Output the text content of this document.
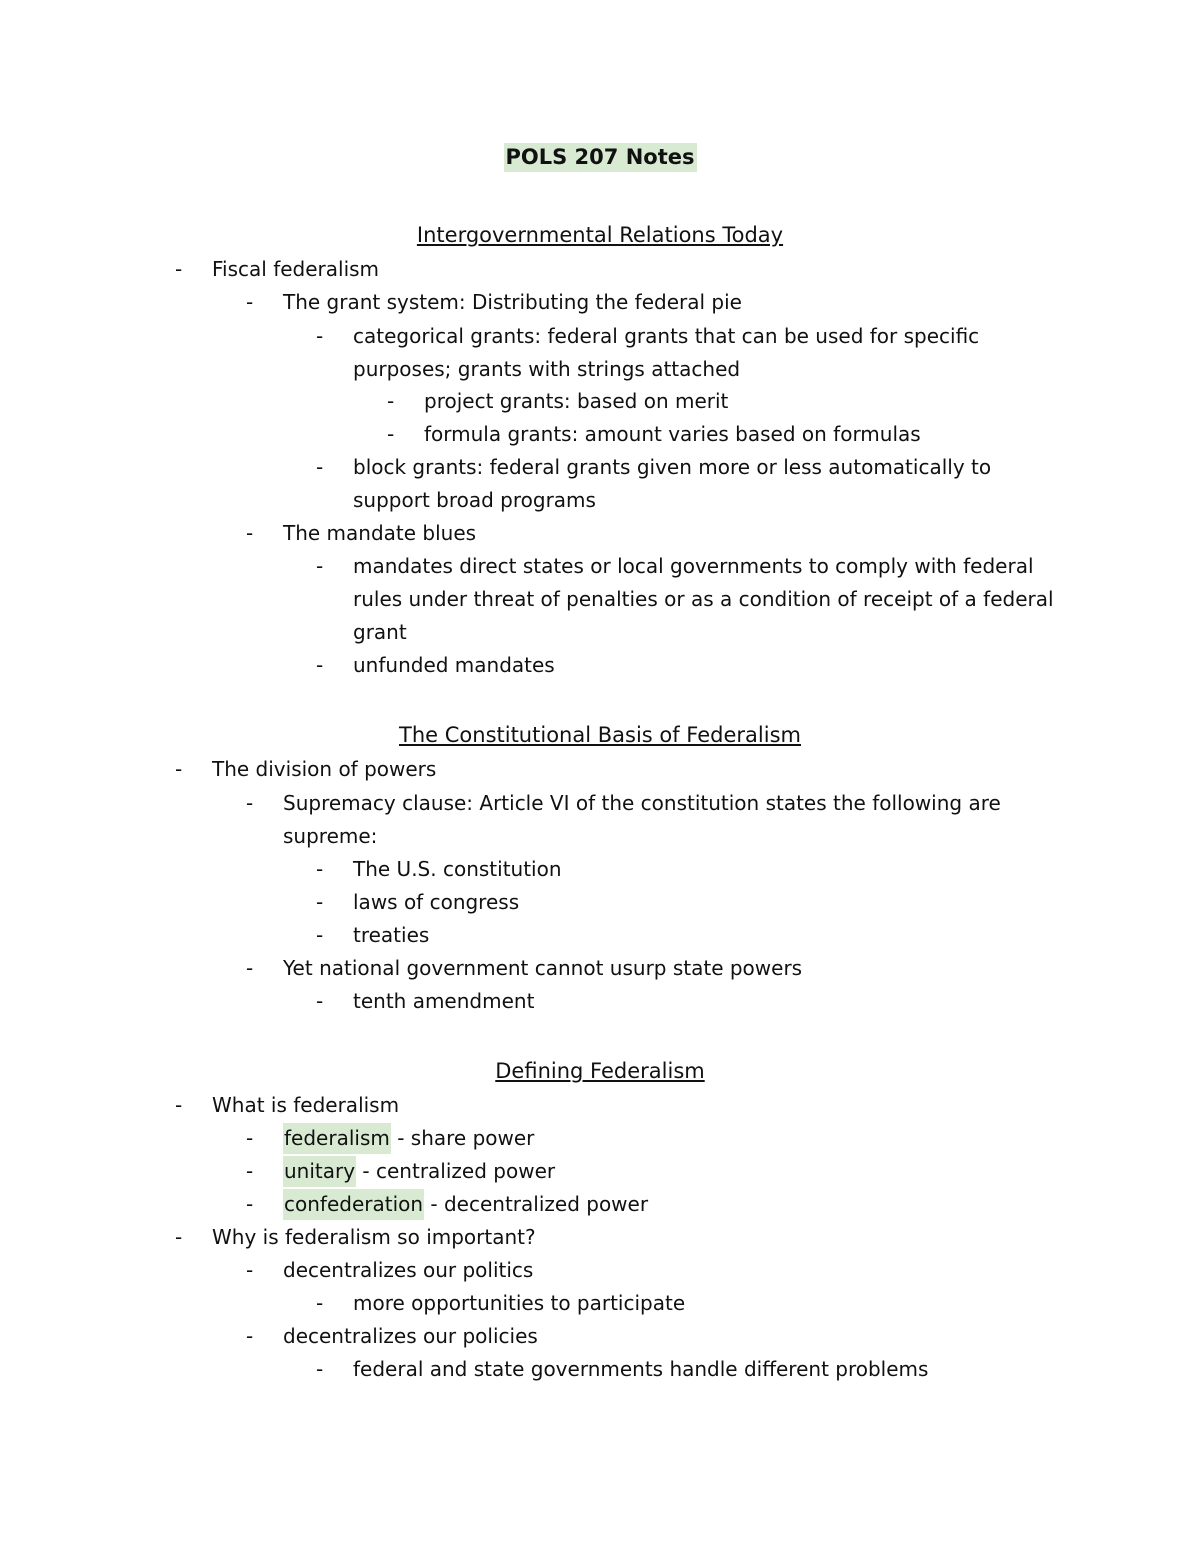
POLS 207 Notes
Intergovernmental Relations Today
The Constitutional Basis of Federalism
Defining Federalism
- Fiscal federalism
- The grant system: Distributing the federal pie
- categorical grants: federal grants that can be used for specific
purposes; grants with strings attached
- project grants: based on merit
- formula grants: amount varies based on formulas
- block grants: federal grants given more or less automatically to
support broad programs
- The mandate blues
- mandates direct states or local governments to comply with federal
rules under threat of penalties or as a condition of receipt of a federal
grant
- unfunded mandates
- The division of powers
- Supremacy clause: Article VI of the constitution states the following are
supreme:
- The U.S. constitution
- laws of congress
- treaties
- Yet national government cannot usurp state powers
- tenth amendment
- What is federalism
- federalism - share power
- unitary - centralized power
- confederation - decentralized power
- Why is federalism so important?
- decentralizes our politics
- more opportunities to participate
- decentralizes our policies
- federal and state governments handle different problems
